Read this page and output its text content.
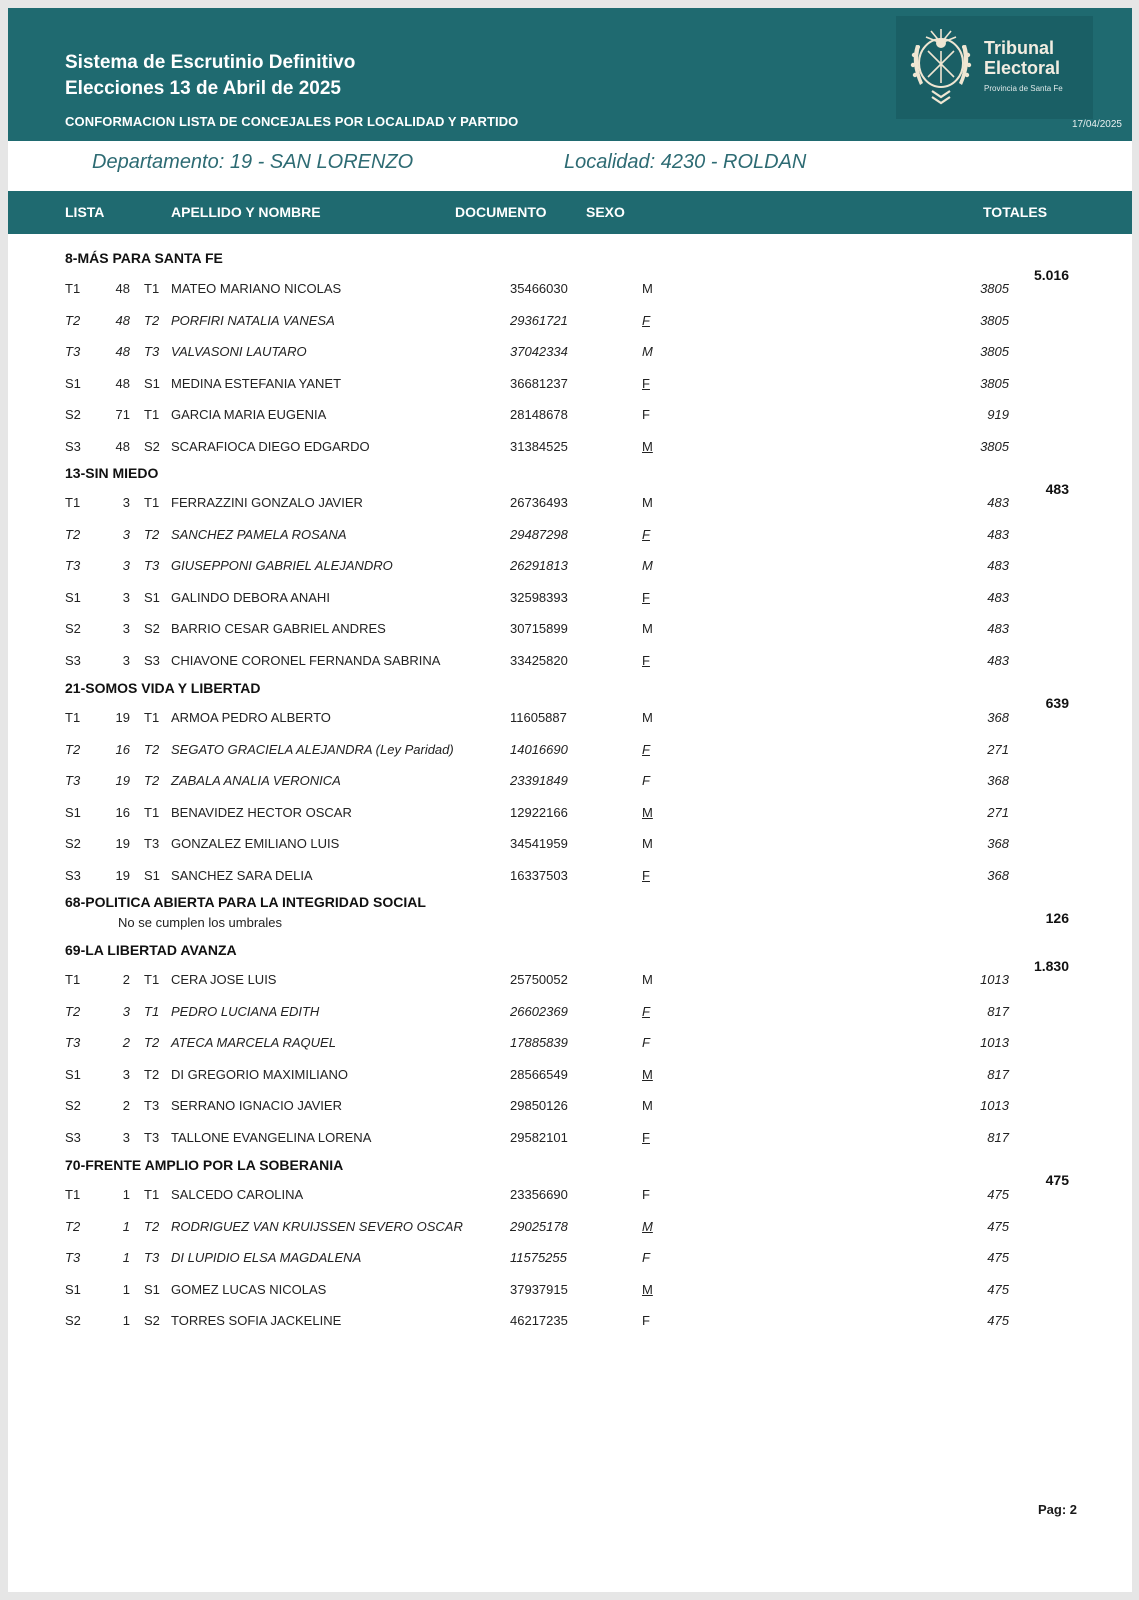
Sistema de Escrutinio Definitivo
Elecciones 13 de Abril de 2025
CONFORMACION LISTA DE CONCEJALES POR LOCALIDAD Y PARTIDO	17/04/2025
Tribunal
Electoral
Provincia de Santa Fe
Departamento: 19 - SAN LORENZO	Localidad: 4230 - ROLDAN
LISTA	APELLIDO Y NOMBRE	DOCUMENTO	SEXO	TOTALES
8-MÁS PARA SANTA FE
5.016
T1	48 T1 MATEO MARIANO NICOLAS	35466030	M	3805
T2	48 T2 PORFIRI NATALIA VANESA	29361721	F	3805
T3	48 T3 VALVASONI LAUTARO	37042334	M	3805
S1	48 S1 MEDINA ESTEFANIA YANET	36681237	F	3805
S2	71 T1 GARCIA MARIA EUGENIA	28148678	F	919
S3	48 S2 SCARAFIOCA DIEGO EDGARDO	31384525	M	3805
13-SIN MIEDO
483
T1	3 T1 FERRAZZINI GONZALO JAVIER	26736493	M	483
T2	3 T2 SANCHEZ PAMELA ROSANA	29487298	F	483
T3	3 T3 GIUSEPPONI GABRIEL ALEJANDRO	26291813	M	483
S1	3 S1 GALINDO DEBORA ANAHI	32598393	F	483
S2	3 S2 BARRIO CESAR GABRIEL ANDRES	30715899	M	483
S3	3 S3 CHIAVONE CORONEL FERNANDA SABRINA	33425820	F	483
21-SOMOS VIDA Y LIBERTAD
639
T1	19 T1 ARMOA PEDRO ALBERTO	11605887	M	368
T2	16 T2 SEGATO GRACIELA ALEJANDRA (Ley Paridad)	14016690	F	271
T3	19 T2 ZABALA ANALIA VERONICA	23391849	F	368
S1	16 T1 BENAVIDEZ HECTOR OSCAR	12922166	M	271
S2	19 T3 GONZALEZ EMILIANO LUIS	34541959	M	368
S3	19 S1 SANCHEZ SARA DELIA	16337503	F	368
68-POLITICA ABIERTA PARA LA INTEGRIDAD SOCIAL
126
No se cumplen los umbrales
69-LA LIBERTAD AVANZA
1.830
T1	2 T1 CERA JOSE LUIS	25750052	M	1013
T2	3 T1 PEDRO LUCIANA EDITH	26602369	F	817
T3	2 T2 ATECA MARCELA RAQUEL	17885839	F	1013
S1	3 T2 DI GREGORIO MAXIMILIANO	28566549	M	817
S2	2 T3 SERRANO IGNACIO JAVIER	29850126	M	1013
S3	3 T3 TALLONE EVANGELINA LORENA	29582101	F	817
70-FRENTE AMPLIO POR LA SOBERANIA
475
T1	1 T1 SALCEDO CAROLINA	23356690	F	475
T2	1 T2 RODRIGUEZ VAN KRUIJSSEN SEVERO OSCAR	29025178	M	475
T3	1 T3 DI LUPIDIO ELSA MAGDALENA	11575255	F	475
S1	1 S1 GOMEZ LUCAS NICOLAS	37937915	M	475
S2	1 S2 TORRES SOFIA JACKELINE	46217235	F	475
Pag: 2
